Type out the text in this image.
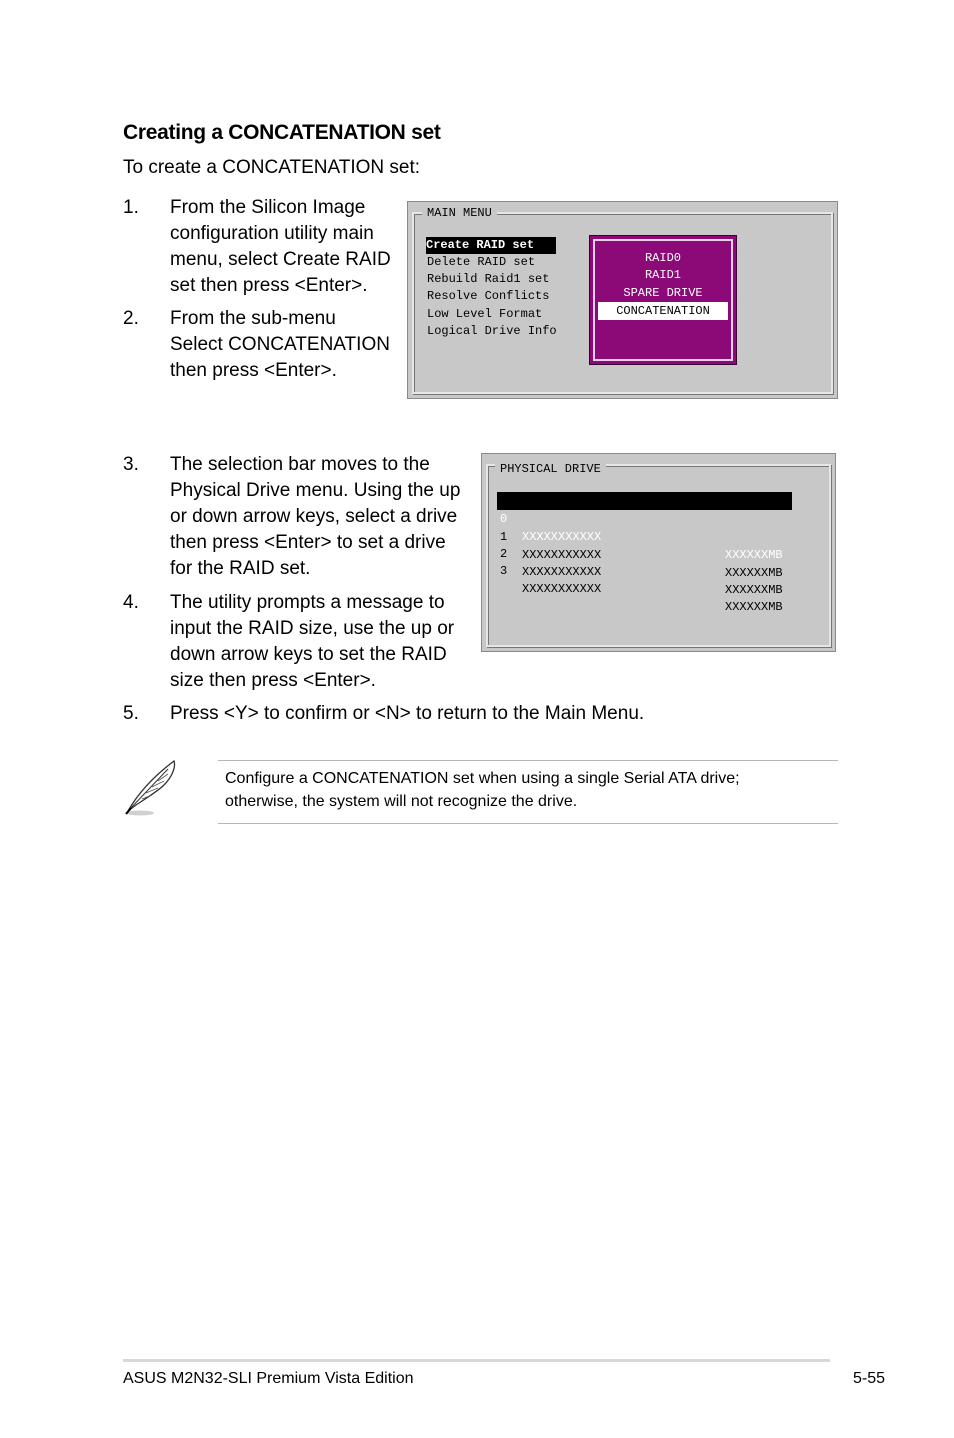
Creating a CONCATENATION set
To create a CONCATENATION set:
1. From the Silicon Image
configuration utility main
menu, select Create RAID
set then press <Enter>.
2. From the sub-menu
Select CONCATENATION
then press <Enter>.
MAIN MENU
Create RAID set
Delete RAID set
Rebuild Raid1 set
Resolve Conflicts
Low Level Format
Logical Drive Info
RAID0
RAID1
SPARE DRIVE
CONCATENATION
3. The selection bar moves to the
Physical Drive menu. Using the up
or down arrow keys, select a drive
then press <Enter> to set a drive
for the RAID set.
4. The utility prompts a message to
input the RAID size, use the up or
down arrow keys to set the RAID
size then press <Enter>.
PHYSICAL DRIVE

0

XXXXXXXXXXX

XXXXXXMB

1

XXXXXXXXXXX

XXXXXXMB

2

XXXXXXXXXXX

XXXXXXMB

3

XXXXXXXXXXX

XXXXXXMB

5. Press <Y> to confirm or <N> to return to the Main Menu.
Configure a CONCATENATION set when using a single Serial ATA drive;
otherwise, the system will not recognize the drive.
ASUS M2N32-SLI Premium Vista Edition	5-55
